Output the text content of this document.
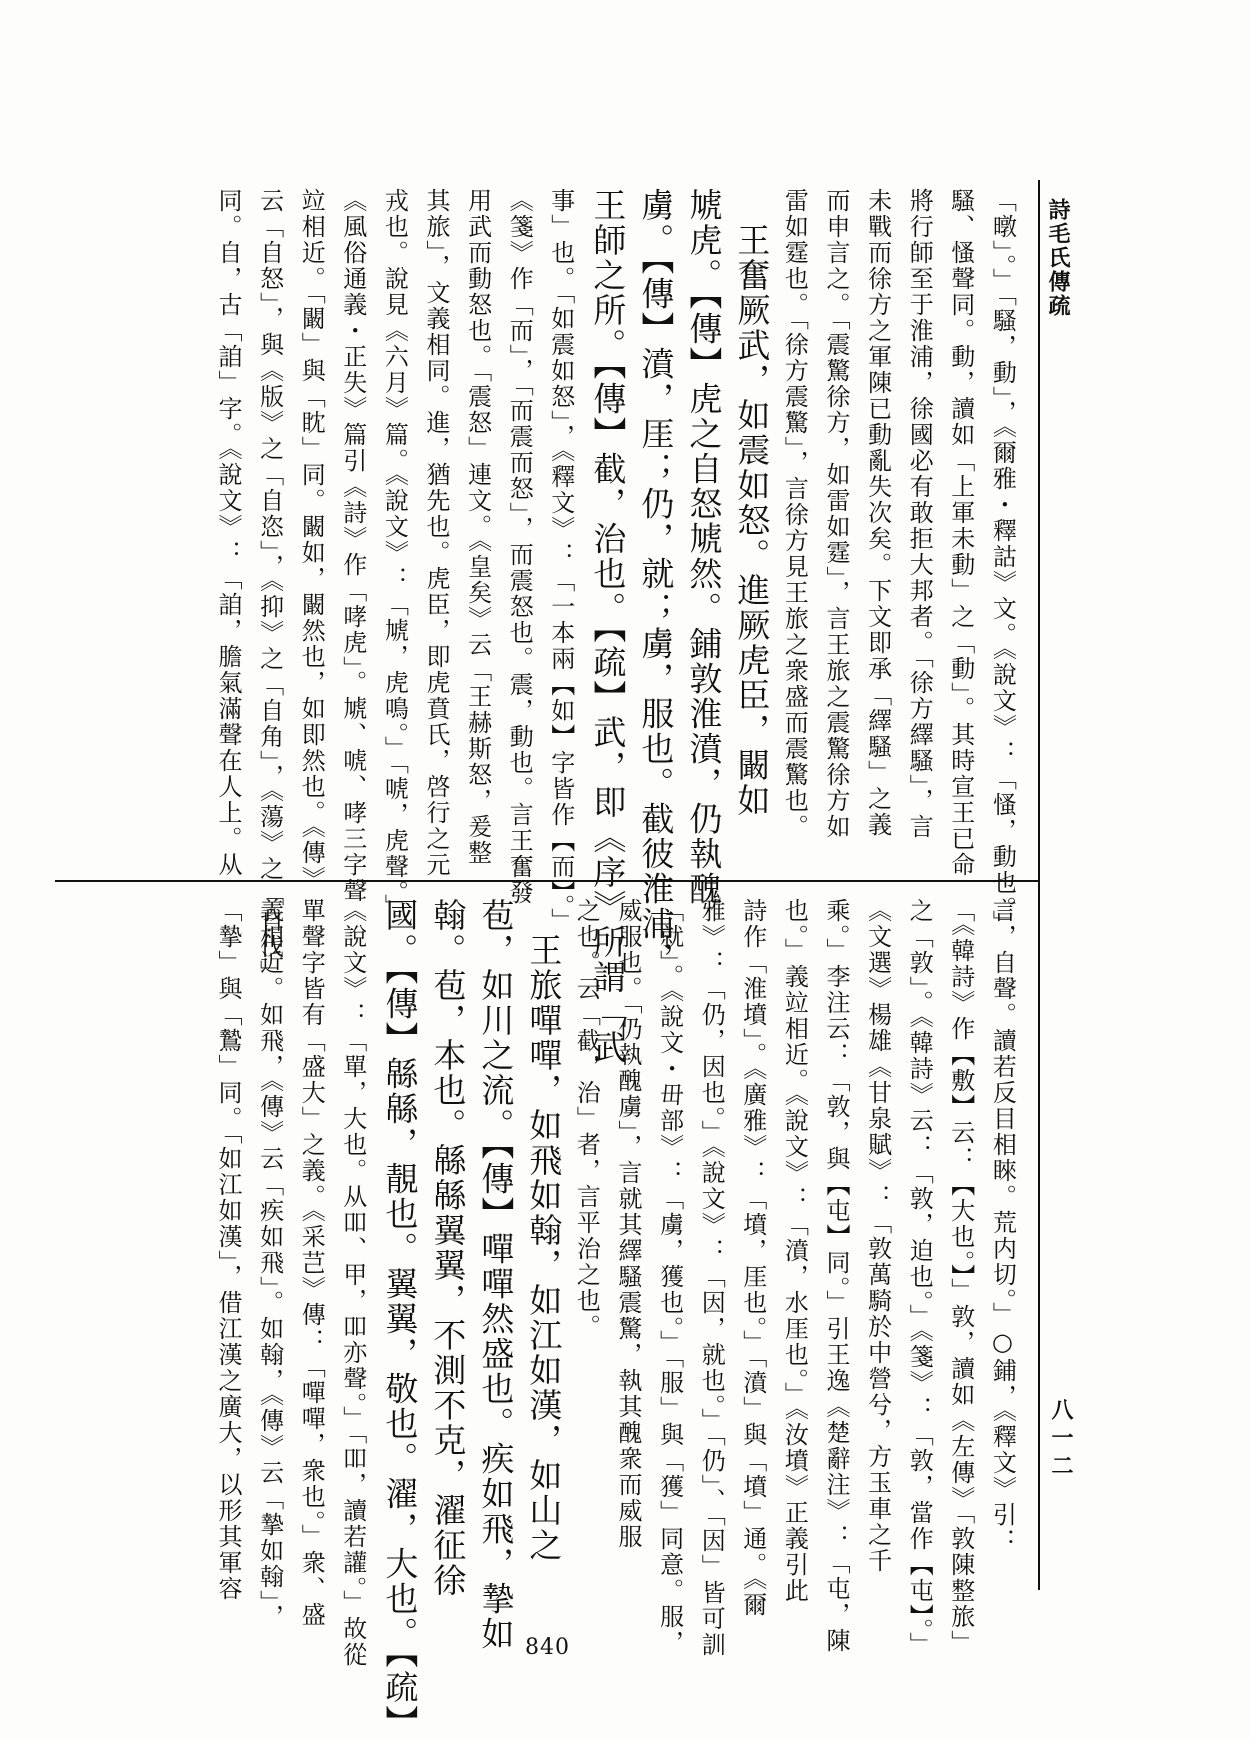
詩毛氏傳疏
八一二
「暾」。」「騷，動」，《爾雅・釋詁》文。《說文》：「慅，動也。」
騷、慅聲同。動，讀如「上軍未動」之「動」。其時宣王已命
將行師至于淮浦，徐國必有敢拒大邦者。「徐方繹騷」，言
未戰而徐方之軍陳已動亂失次矣。下文即承「繹騷」之義
而申言之。「震驚徐方，如雷如霆」，言王旅之震驚徐方如
雷如霆也。「徐方震驚」，言徐方見王旅之衆盛而震驚也。
　王奮厥武，如震如怒。進厥虎臣，闞如
虓虎。【傳】虎之自怒虓然。鋪敦淮濆，仍執醜
虜。【傳】濆，厓；仍，就；虜，服也。截彼淮浦，
王師之所。【傳】截，治也。【疏】武，即《序》所謂「武
事」也。「如震如怒」，《釋文》：「一本兩【如】字皆作【而】。」
《箋》作「而」，「而震而怒」，而震怒也。震，動也。言王奮發
用武而動怒也。「震怒」連文。《皇矣》云「王赫斯怒，爰整
其旅」，文義相同。進，猶先也。虎臣，即虎賁氏，啓行之元
戎也。說見《六月》篇。《說文》：「虓，虎鳴。」「唬，虎聲。」
《風俗通義・正失》篇引《詩》作「哮虎」。虓、唬、哮三字聲
竝相近。「闞」與「眈」同。闞如，闞然也，如即然也。《傳》
云「自怒」，與《版》之「自恣」，《抑》之「自角」，《蕩》之「自伐」
同。自，古「詯」字。《說文》：「詯，膽氣滿聲在人上。从
言，自聲。讀若反目相睞。荒内切。」○鋪，《釋文》引：
「《韓詩》作【敷】云：【大也。】」敦，讀如《左傳》「敦陳整旅」
之「敦」。《韓詩》云：「敦，迫也。」《箋》：「敦，當作【屯】。」
《文選》楊雄《甘泉賦》：「敦萬騎於中營兮，方玉車之千
乘。」李注云：「敦，與【屯】同。」引王逸《楚辭注》：「屯，陳
也。」義竝相近。《說文》：「濆，水厓也。」《汝墳》正義引此
詩作「淮墳」。《廣雅》：「墳，厓也。」「濆」與「墳」通。《爾
雅》：「仍，因也。」《說文》：「因，就也。」「仍」、「因」皆可訓
「就」。《說文・毌部》：「虜，獲也。」「服」與「獲」同意。服，
威服也。「仍執醜虜」，言就其繹騷震驚，執其醜衆而威服
之也。云「截，治」者，言平治之也。
　王旅嘽嘽，如飛如翰，如江如漢，如山之
苞，如川之流。【傳】嘽嘽然盛也。疾如飛，摯如
翰。苞，本也。緜緜翼翼，不測不克，濯征徐
國。【傳】緜緜，靚也。翼翼，敬也。濯，大也。【疏】
《說文》：「單，大也。从吅、甲，吅亦聲。」「吅，讀若讙。」故從
單聲字皆有「盛大」之義。《采芑》傳：「嘽嘽，衆也。」衆、盛
義相近。如飛，《傳》云「疾如飛」。如翰，《傳》云「摯如翰」，
「摯」與「鷙」同。「如江如漢」，借江漢之廣大，以形其軍容
840
